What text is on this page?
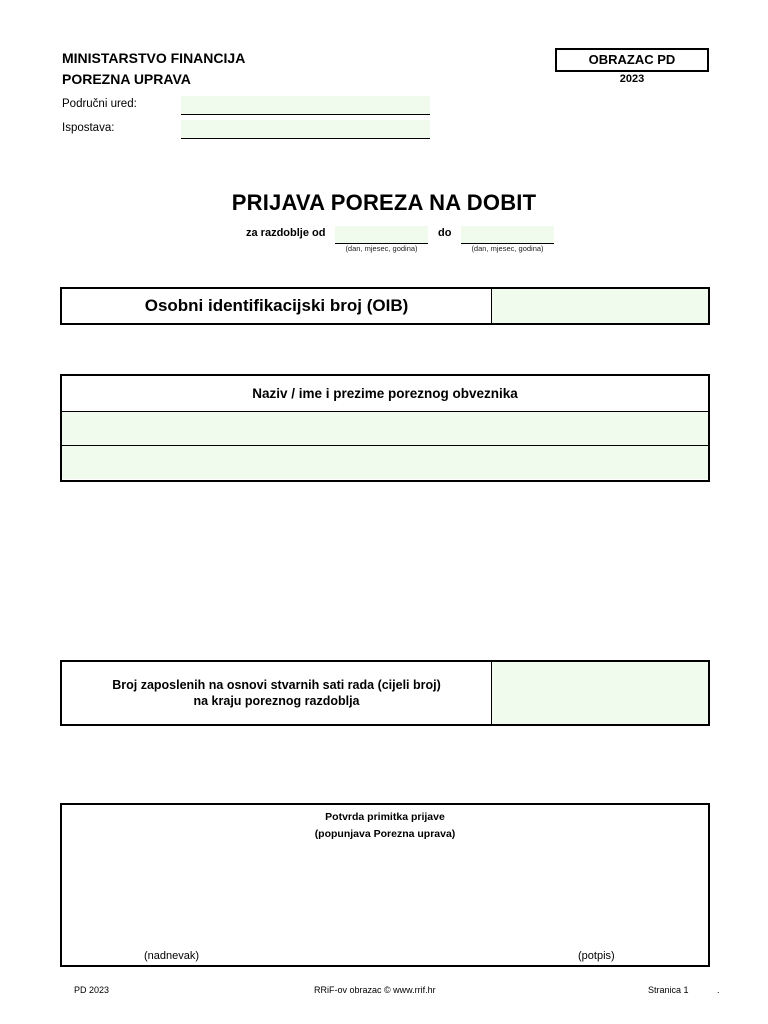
MINISTARSTVO FINANCIJA
POREZNA UPRAVA
OBRAZAC PD
2023
Područni ured:
Ispostava:
PRIJAVA POREZA NA DOBIT
za razdoblje od
(dan, mjesec, godina)
do
(dan, mjesec, godina)
Osobni identifikacijski broj (OIB)
Naziv / ime i prezime poreznog obveznika
Broj zaposlenih na osnovi stvarnih sati rada (cijeli broj)
na kraju poreznog razdoblja
Potvrda primitka prijave
(popunjava Porezna uprava)
(nadnevak)	(potpis)
PD 2023	RRiF-ov obrazac © www.rrif.hr	Stranica 1	.
